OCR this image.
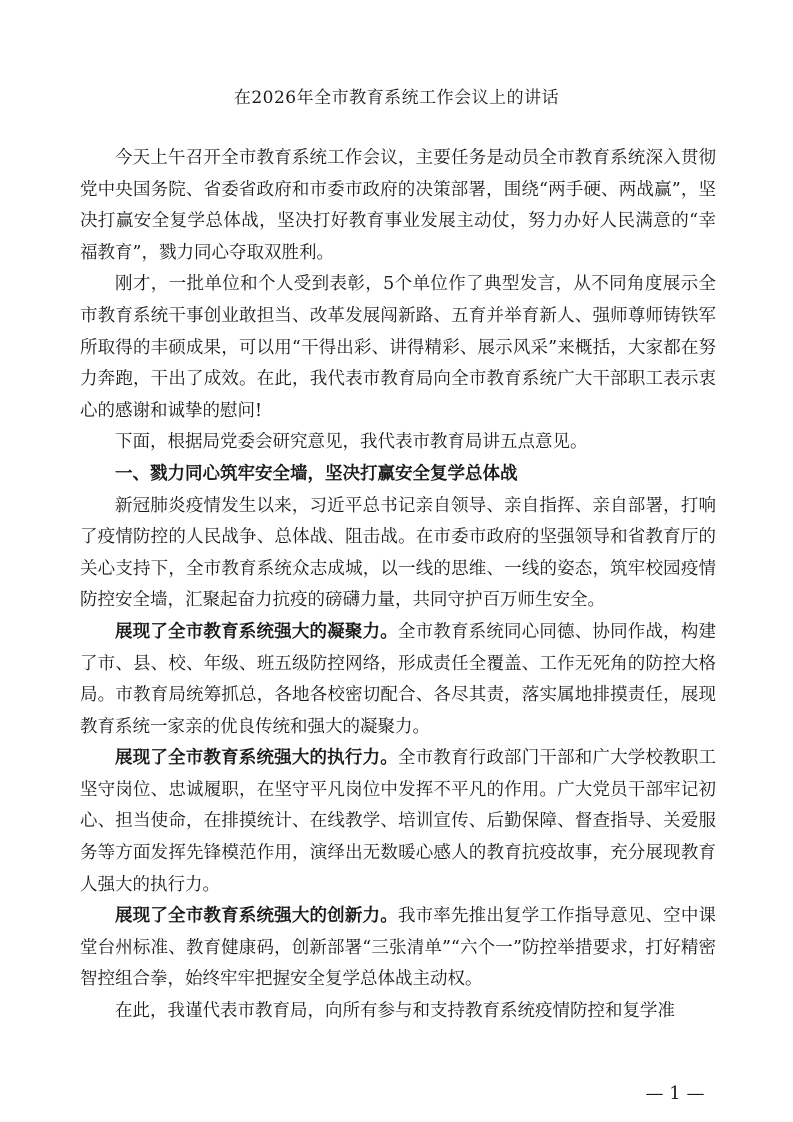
在2026年全市教育系统工作会议上的讲话

今天上午召开全市教育系统工作会议，主要任务是动员全市教育系统深入贯彻党中央国务院、省委省政府和市委市政府的决策部署，围绕“两手硬、两战赢”，坚决打赢安全复学总体战，坚决打好教育事业发展主动仗，努力办好人民满意的“幸福教育”，戮力同心夺取双胜利。

刚才，一批单位和个人受到表彰，5个单位作了典型发言，从不同角度展示全市教育系统干事创业敢担当、改革发展闯新路、五育并举育新人、强师尊师铸铁军所取得的丰硕成果，可以用“干得出彩、讲得精彩、展示风采”来概括，大家都在努力奔跑，干出了成效。在此，我代表市教育局向全市教育系统广大干部职工表示衷心的感谢和诚挚的慰问!

下面，根据局党委会研究意见，我代表市教育局讲五点意见。

一、戮力同心筑牢安全墙，坚决打赢安全复学总体战

新冠肺炎疫情发生以来，习近平总书记亲自领导、亲自指挥、亲自部署，打响了疫情防控的人民战争、总体战、阻击战。在市委市政府的坚强领导和省教育厅的关心支持下，全市教育系统众志成城，以一线的思维、一线的姿态，筑牢校园疫情防控安全墙，汇聚起奋力抗疫的磅礴力量，共同守护百万师生安全。

展现了全市教育系统强大的凝聚力。全市教育系统同心同德、协同作战，构建了市、县、校、年级、班五级防控网络，形成责任全覆盖、工作无死角的防控大格局。市教育局统筹抓总，各地各校密切配合、各尽其责，落实属地排摸责任，展现教育系统一家亲的优良传统和强大的凝聚力。

展现了全市教育系统强大的执行力。全市教育行政部门干部和广大学校教职工坚守岗位、忠诚履职，在坚守平凡岗位中发挥不平凡的作用。广大党员干部牢记初心、担当使命，在排摸统计、在线教学、培训宣传、后勤保障、督查指导、关爱服务等方面发挥先锋模范作用，演绎出无数暖心感人的教育抗疫故事，充分展现教育人强大的执行力。

展现了全市教育系统强大的创新力。我市率先推出复学工作指导意见、空中课堂台州标准、教育健康码，创新部署“三张清单”“六个一”防控举措要求，打好精密智控组合拳，始终牢牢把握安全复学总体战主动权。

在此，我谨代表市教育局，向所有参与和支持教育系统疫情防控和复学准

— 1 —
